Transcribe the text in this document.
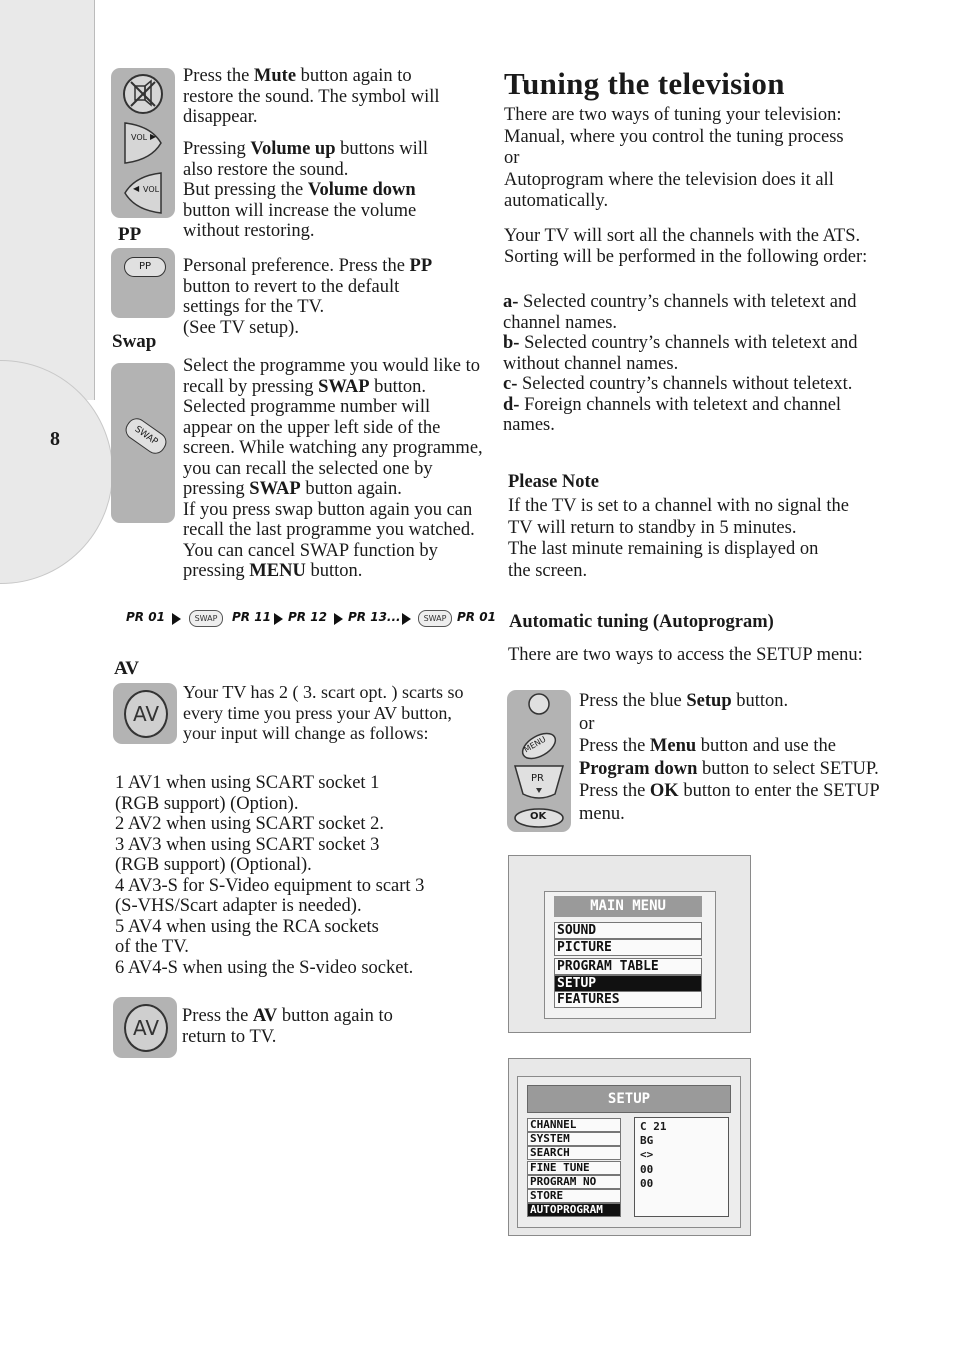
8
VOL ▶
◀ VOL
Press the Mute button again to restore the sound. The symbol will disappear.
Pressing Volume up buttons will also restore the sound.
But pressing the Volume down button will increase the volume without restoring.
PP
PP	Personal preference. Press the PP button to revert to the default settings for the TV.
(See TV setup).
Swap
SWAP
Select the programme you would like to recall by pressing SWAP button. Selected programme number will appear on the upper left side of the screen. While watching any programme, you can recall the selected one by pressing SWAP button again.
If you press swap button again you can recall the last programme you watched. You can cancel SWAP function by pressing MENU button.
PR 01	SWAP	PR 11 PR 12 PR 13...	SWAP PR 01
AV
AV
Your TV has 2 ( 3. scart opt. ) scarts so every time you press your AV button, your input will change as follows:
1 AV1 when using SCART socket 1
(RGB support) (Option).
2 AV2 when using SCART socket 2.
3 AV3 when using SCART socket 3
(RGB support) (Optional).
4 AV3-S for S-Video equipment to scart 3
(S-VHS/Scart adapter is needed).
5 AV4 when using the RCA sockets
of the TV.
6 AV4-S when using the S-video socket.
AV	Press the AV button again to return to TV.
Tuning the television
There are two ways of tuning your television:
Manual, where you control the tuning process
or
Autoprogram where the television does it all
automatically.
Your TV will sort all the channels with the ATS. Sorting will be performed in the following order:
a- Selected country’s channels with teletext and channel names.
b- Selected country’s channels with teletext and without channel names.
c- Selected country’s channels without teletext.
d- Foreign channels with teletext and channel names.
Please Note
If the TV is set to a channel with no signal the
TV will return to standby in 5 minutes.
The last minute remaining is displayed on
the screen.
Automatic tuning (Autoprogram)
There are two ways to access the SETUP menu:
MENU
PR
OK
Press the blue Setup button.
or
Press the Menu button and use the Program down button to select SETUP. Press the OK button to enter the SETUP menu.
MAIN MENU
SOUND
PICTURE
PROGRAM TABLE
SETUP
FEATURES
SETUP
CHANNEL
SYSTEM
SEARCH
FINE TUNE
PROGRAM NO
STORE
AUTOPROGRAM
C 21
BG
<>
00
00
